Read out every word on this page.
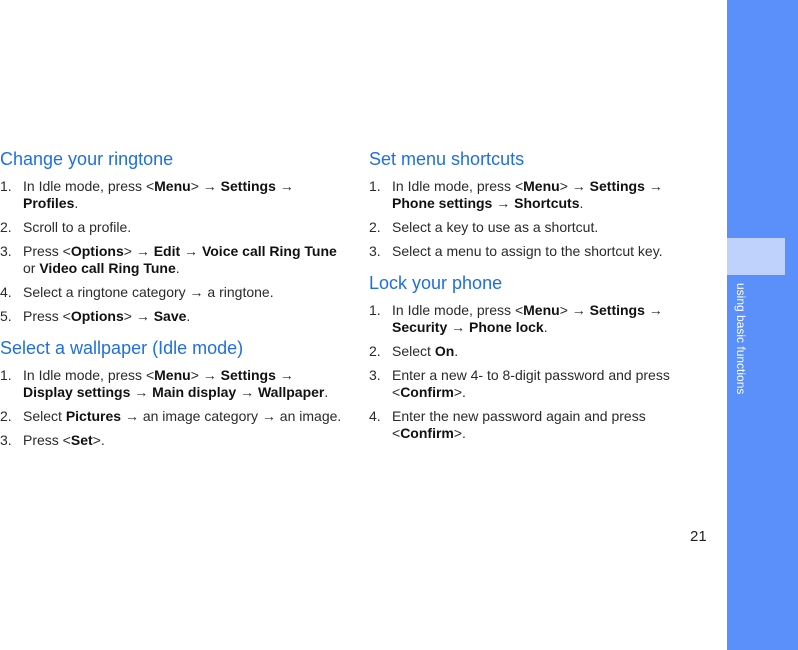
Change your ringtone
1. In Idle mode, press <Menu> → Settings → Profiles.
2. Scroll to a profile.
3. Press <Options> → Edit → Voice call Ring Tune or Video call Ring Tune.
4. Select a ringtone category → a ringtone.
5. Press <Options> → Save.
Select a wallpaper (Idle mode)
1. In Idle mode, press <Menu> → Settings → Display settings → Main display → Wallpaper.
2. Select Pictures → an image category → an image.
3. Press <Set>.
Set menu shortcuts
1. In Idle mode, press <Menu> → Settings → Phone settings → Shortcuts.
2. Select a key to use as a shortcut.
3. Select a menu to assign to the shortcut key.
Lock your phone
1. In Idle mode, press <Menu> → Settings → Security → Phone lock.
2. Select On.
3. Enter a new 4- to 8-digit password and press <Confirm>.
4. Enter the new password again and press <Confirm>.
using basic functions
21
